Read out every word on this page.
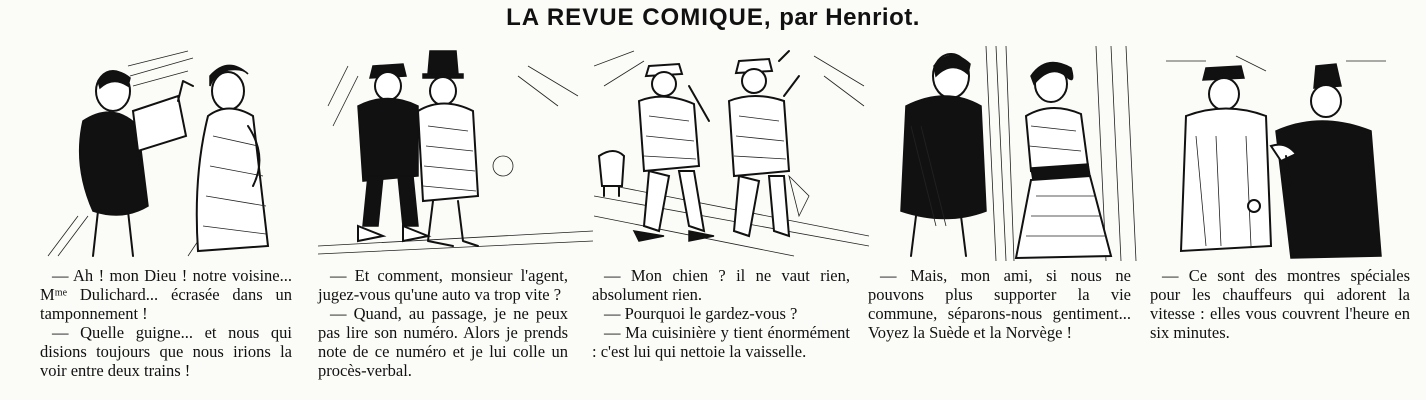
LA REVUE COMIQUE, par Henriot.

— Ah ! mon Dieu ! notre voisine... Mᵐᵉ Dulichard... écrasée dans un tamponnement !

— Quelle guigne... et nous qui disions toujours que nous irions la voir entre deux trains !

— Et comment, monsieur l'agent, jugez-vous qu'une auto va trop vite ?

— Quand, au passage, je ne peux pas lire son numéro. Alors je prends note de ce numéro et je lui colle un procès-verbal.

— Mon chien ? il ne vaut rien, absolument rien.

— Pourquoi le gardez-vous ?

— Ma cuisinière y tient énormément : c'est lui qui nettoie la vaisselle.

— Mais, mon ami, si nous ne pouvons plus supporter la vie commune, séparons-nous gentiment... Voyez la Suède et la Norvège !

— Ce sont des montres spéciales pour les chauffeurs qui adorent la vitesse : elles vous couvrent l'heure en six minutes.
